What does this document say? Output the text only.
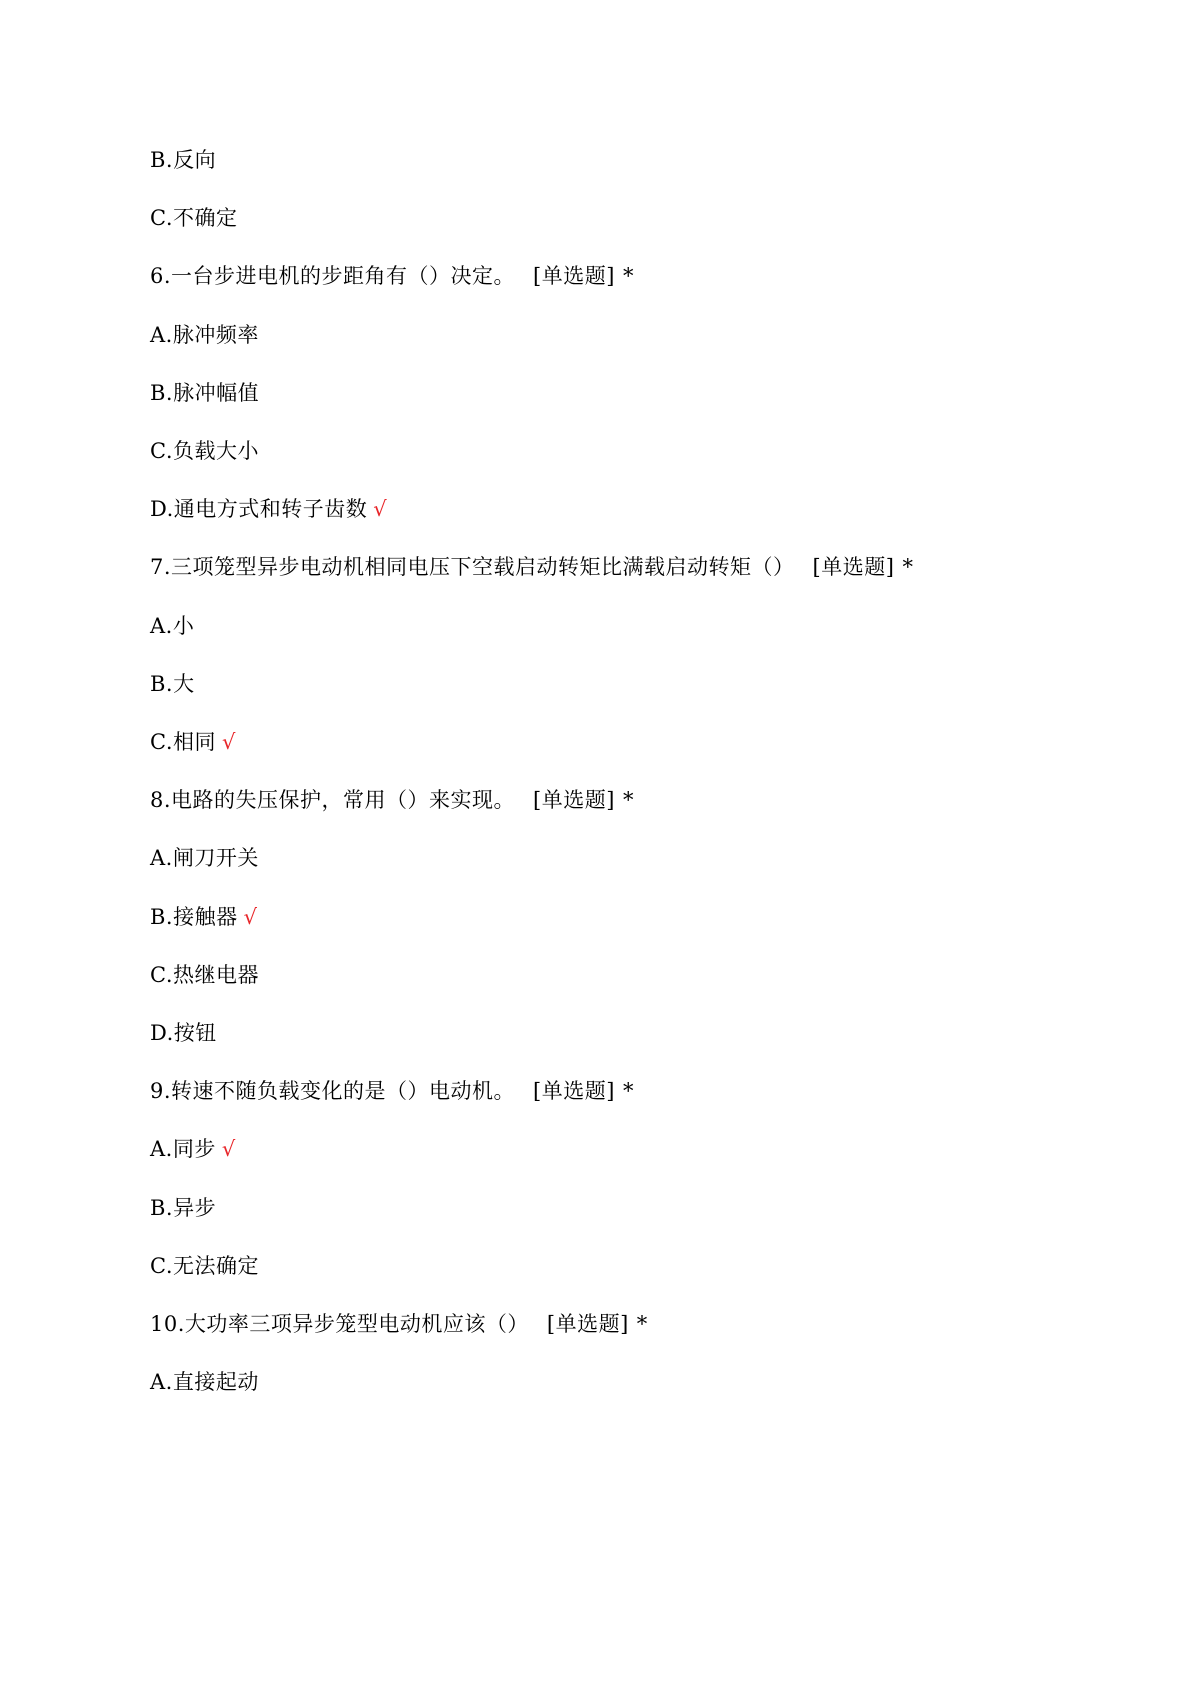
B.反向
C.不确定
6.一台步进电机的步距角有（）决定。 [单选题] *
A.脉冲频率
B.脉冲幅值
C.负载大小
D.通电方式和转子齿数 √
7.三项笼型异步电动机相同电压下空载启动转矩比满载启动转矩（） [单选题] *
A.小
B.大
C.相同 √
8.电路的失压保护，常用（）来实现。 [单选题] *
A.闸刀开关
B.接触器 √
C.热继电器
D.按钮
9.转速不随负载变化的是（）电动机。 [单选题] *
A.同步 √
B.异步
C.无法确定
10.大功率三项异步笼型电动机应该（） [单选题] *
A.直接起动
